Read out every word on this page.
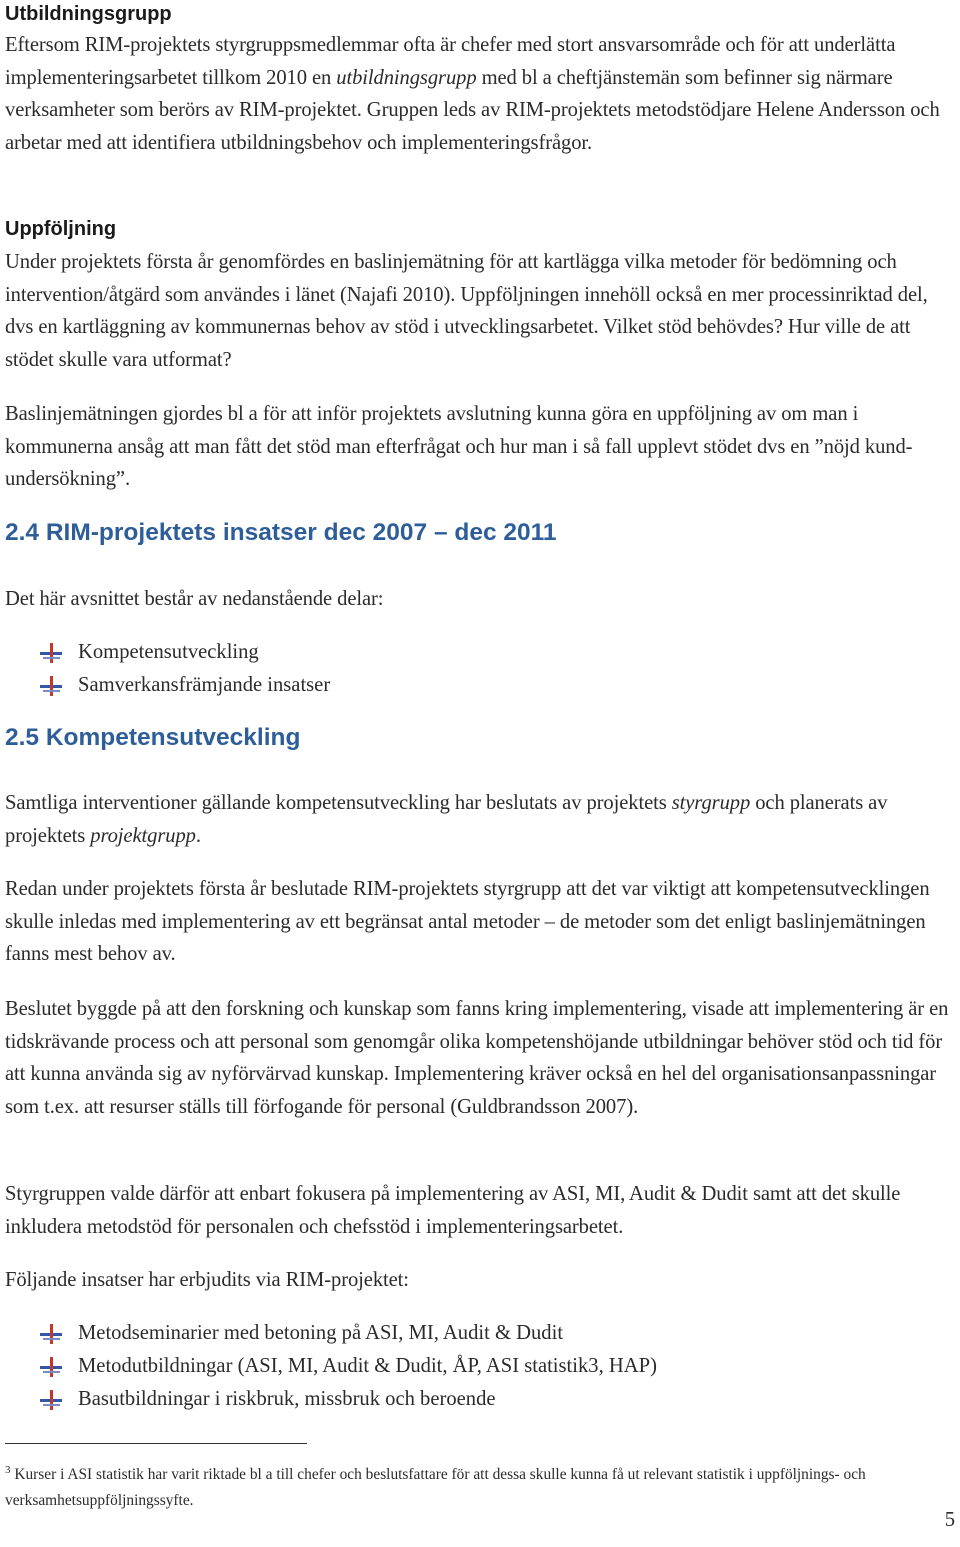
Utbildningsgrupp

Eftersom RIM-projektets styrgruppsmedlemmar ofta är chefer med stort ansvarsområde och för att underlätta implementeringsarbetet tillkom 2010 en utbildningsgrupp med bl a cheftjänstemän som befinner sig närmare verksamheter som berörs av RIM-projektet. Gruppen leds av RIM-projektets metodstödjare Helene Andersson och arbetar med att identifiera utbildningsbehov och implementeringsfrågor.

Uppföljning

Under projektets första år genomfördes en baslinjemätning för att kartlägga vilka metoder för bedömning och intervention/åtgärd som användes i länet (Najafi 2010). Uppföljningen innehöll också en mer processinriktad del, dvs en kartläggning av kommunernas behov av stöd i utvecklingsarbetet. Vilket stöd behövdes? Hur ville de att stödet skulle vara utformat?

Baslinjemätningen gjordes bl a för att inför projektets avslutning kunna göra en uppföljning av om man i kommunerna ansåg att man fått det stöd man efterfrågat och hur man i så fall upplevt stödet dvs en ”nöjd kund-undersökning”.

2.4 RIM-projektets insatser dec 2007 – dec 2011

Det här avsnittet består av nedanstående delar:

Kompetensutveckling
Samverkansfrämjande insatser
2.5 Kompetensutveckling

Samtliga interventioner gällande kompetensutveckling har beslutats av projektets styrgrupp och planerats av projektets projektgrupp.

Redan under projektets första år beslutade RIM-projektets styrgrupp att det var viktigt att kompetensutvecklingen skulle inledas med implementering av ett begränsat antal metoder – de metoder som det enligt baslinjemätningen fanns mest behov av.

Beslutet byggde på att den forskning och kunskap som fanns kring implementering, visade att implementering är en tidskrävande process och att personal som genomgår olika kompetenshöjande utbildningar behöver stöd och tid för att kunna använda sig av nyförvärvad kunskap. Implementering kräver också en hel del organisationsanpassningar som t.ex. att resurser ställs till förfogande för personal (Guldbrandsson 2007).

Styrgruppen valde därför att enbart fokusera på implementering av ASI, MI, Audit & Dudit samt att det skulle inkludera metodstöd för personalen och chefsstöd i implementeringsarbetet.

Följande insatser har erbjudits via RIM-projektet:

Metodseminarier med betoning på ASI, MI, Audit & Dudit
Metodutbildningar (ASI, MI, Audit & Dudit, ÅP, ASI statistik3, HAP)
Basutbildningar i riskbruk, missbruk och beroende

$^3$ Kurser i ASI statistik har varit riktade bl a till chefer och beslutsfattare för att dessa skulle kunna få ut relevant statistik i uppföljnings- och verksamhetsuppföljningssyfte.

5
